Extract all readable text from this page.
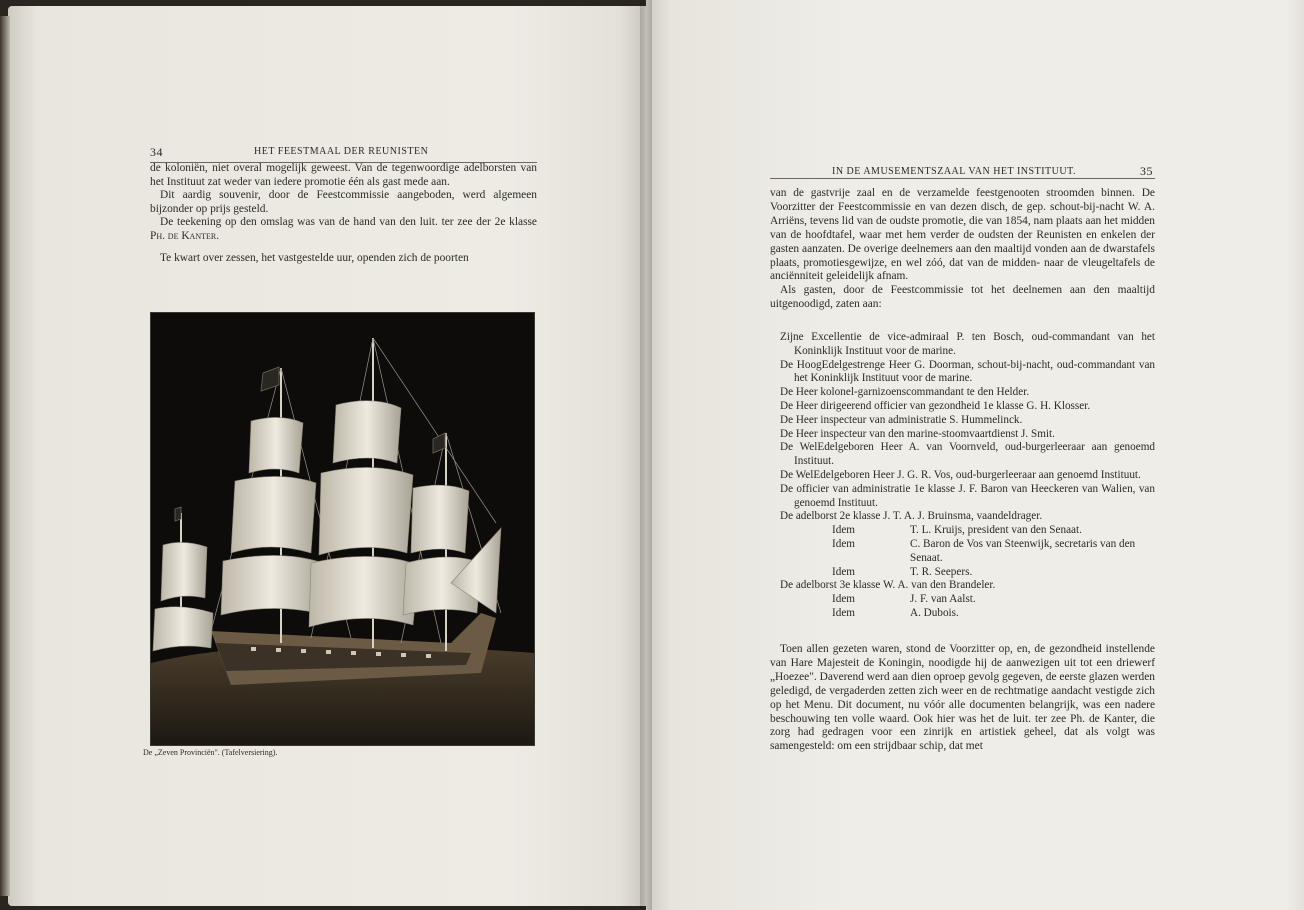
34	HET FEESTMAAL DER REUNISTEN

de koloniën, niet overal mogelijk geweest. Van de tegenwoordige adelborsten van het Instituut zat weder van iedere promotie één als gast mede aan.

Dit aardig souvenir, door de Feestcommissie aangeboden, werd algemeen bijzonder op prijs gesteld.

De teekening op den omslag was van de hand van den luit. ter zee der 2e klasse Ph. de Kanter.

Te kwart over zessen, het vastgestelde uur, openden zich de poorten

De „Zeven Provinciën". (Tafelversiering).
IN DE AMUSEMENTSZAAL VAN HET INSTITUUT.	35

van de gastvrije zaal en de verzamelde feestgenooten stroomden binnen. De Voorzitter der Feestcommissie en van dezen disch, de gep. schout-bij-nacht W. A. Arriëns, tevens lid van de oudste promotie, die van 1854, nam plaats aan het midden van de hoofdtafel, waar met hem verder de oudsten der Reunisten en enkelen der gasten aanzaten. De overige deelnemers aan den maaltijd vonden aan de dwarstafels plaats, promotiesgewijze, en wel zóó, dat van de midden- naar de vleugeltafels de anciënniteit geleidelijk afnam.

Als gasten, door de Feestcommissie tot het deelnemen aan den maaltijd uitgenoodigd, zaten aan:

Zijne Excellentie de vice-admiraal P. ten Bosch, oud-commandant van het Koninklijk Instituut voor de marine.
De HoogEdelgestrenge Heer G. Doorman, schout-bij-nacht, oud-commandant van het Koninklijk Instituut voor de marine.
De Heer kolonel-garnizoenscommandant te den Helder.
De Heer dirigeerend officier van gezondheid 1e klasse G. H. Klosser.
De Heer inspecteur van administratie S. Hummelinck.
De Heer inspecteur van den marine-stoomvaartdienst J. Smit.
De WelEdelgeboren Heer A. van Voornveld, oud-burgerleeraar aan genoemd Instituut.
De WelEdelgeboren Heer J. G. R. Vos, oud-burgerleeraar aan genoemd Instituut.
De officier van administratie 1e klasse J. F. Baron van Heeckeren van Walien, van genoemd Instituut.
De adelborst 2e klasse J. T. A. J. Bruinsma, vaandeldrager.
Idem	T. L. Kruijs, president van den Senaat.
Idem	C. Baron de Vos van Steenwijk, secretaris van den Senaat.
Idem	T. R. Seepers.
De adelborst 3e klasse W. A. van den Brandeler.
Idem	J. F. van Aalst.
Idem	A. Dubois.

Toen allen gezeten waren, stond de Voorzitter op, en, de gezondheid instellende van Hare Majesteit de Koningin, noodigde hij de aanwezigen uit tot een driewerf „Hoezee". Daverend werd aan dien oproep gevolg gegeven, de eerste glazen werden geledigd, de vergaderden zetten zich weer en de rechtmatige aandacht vestigde zich op het Menu. Dit document, nu vóór alle documenten belangrijk, was een nadere beschouwing ten volle waard. Ook hier was het de luit. ter zee Ph. de Kanter, die zorg had gedragen voor een zinrijk en artistiek geheel, dat als volgt was samengesteld: om een strijdbaar schip, dat met
